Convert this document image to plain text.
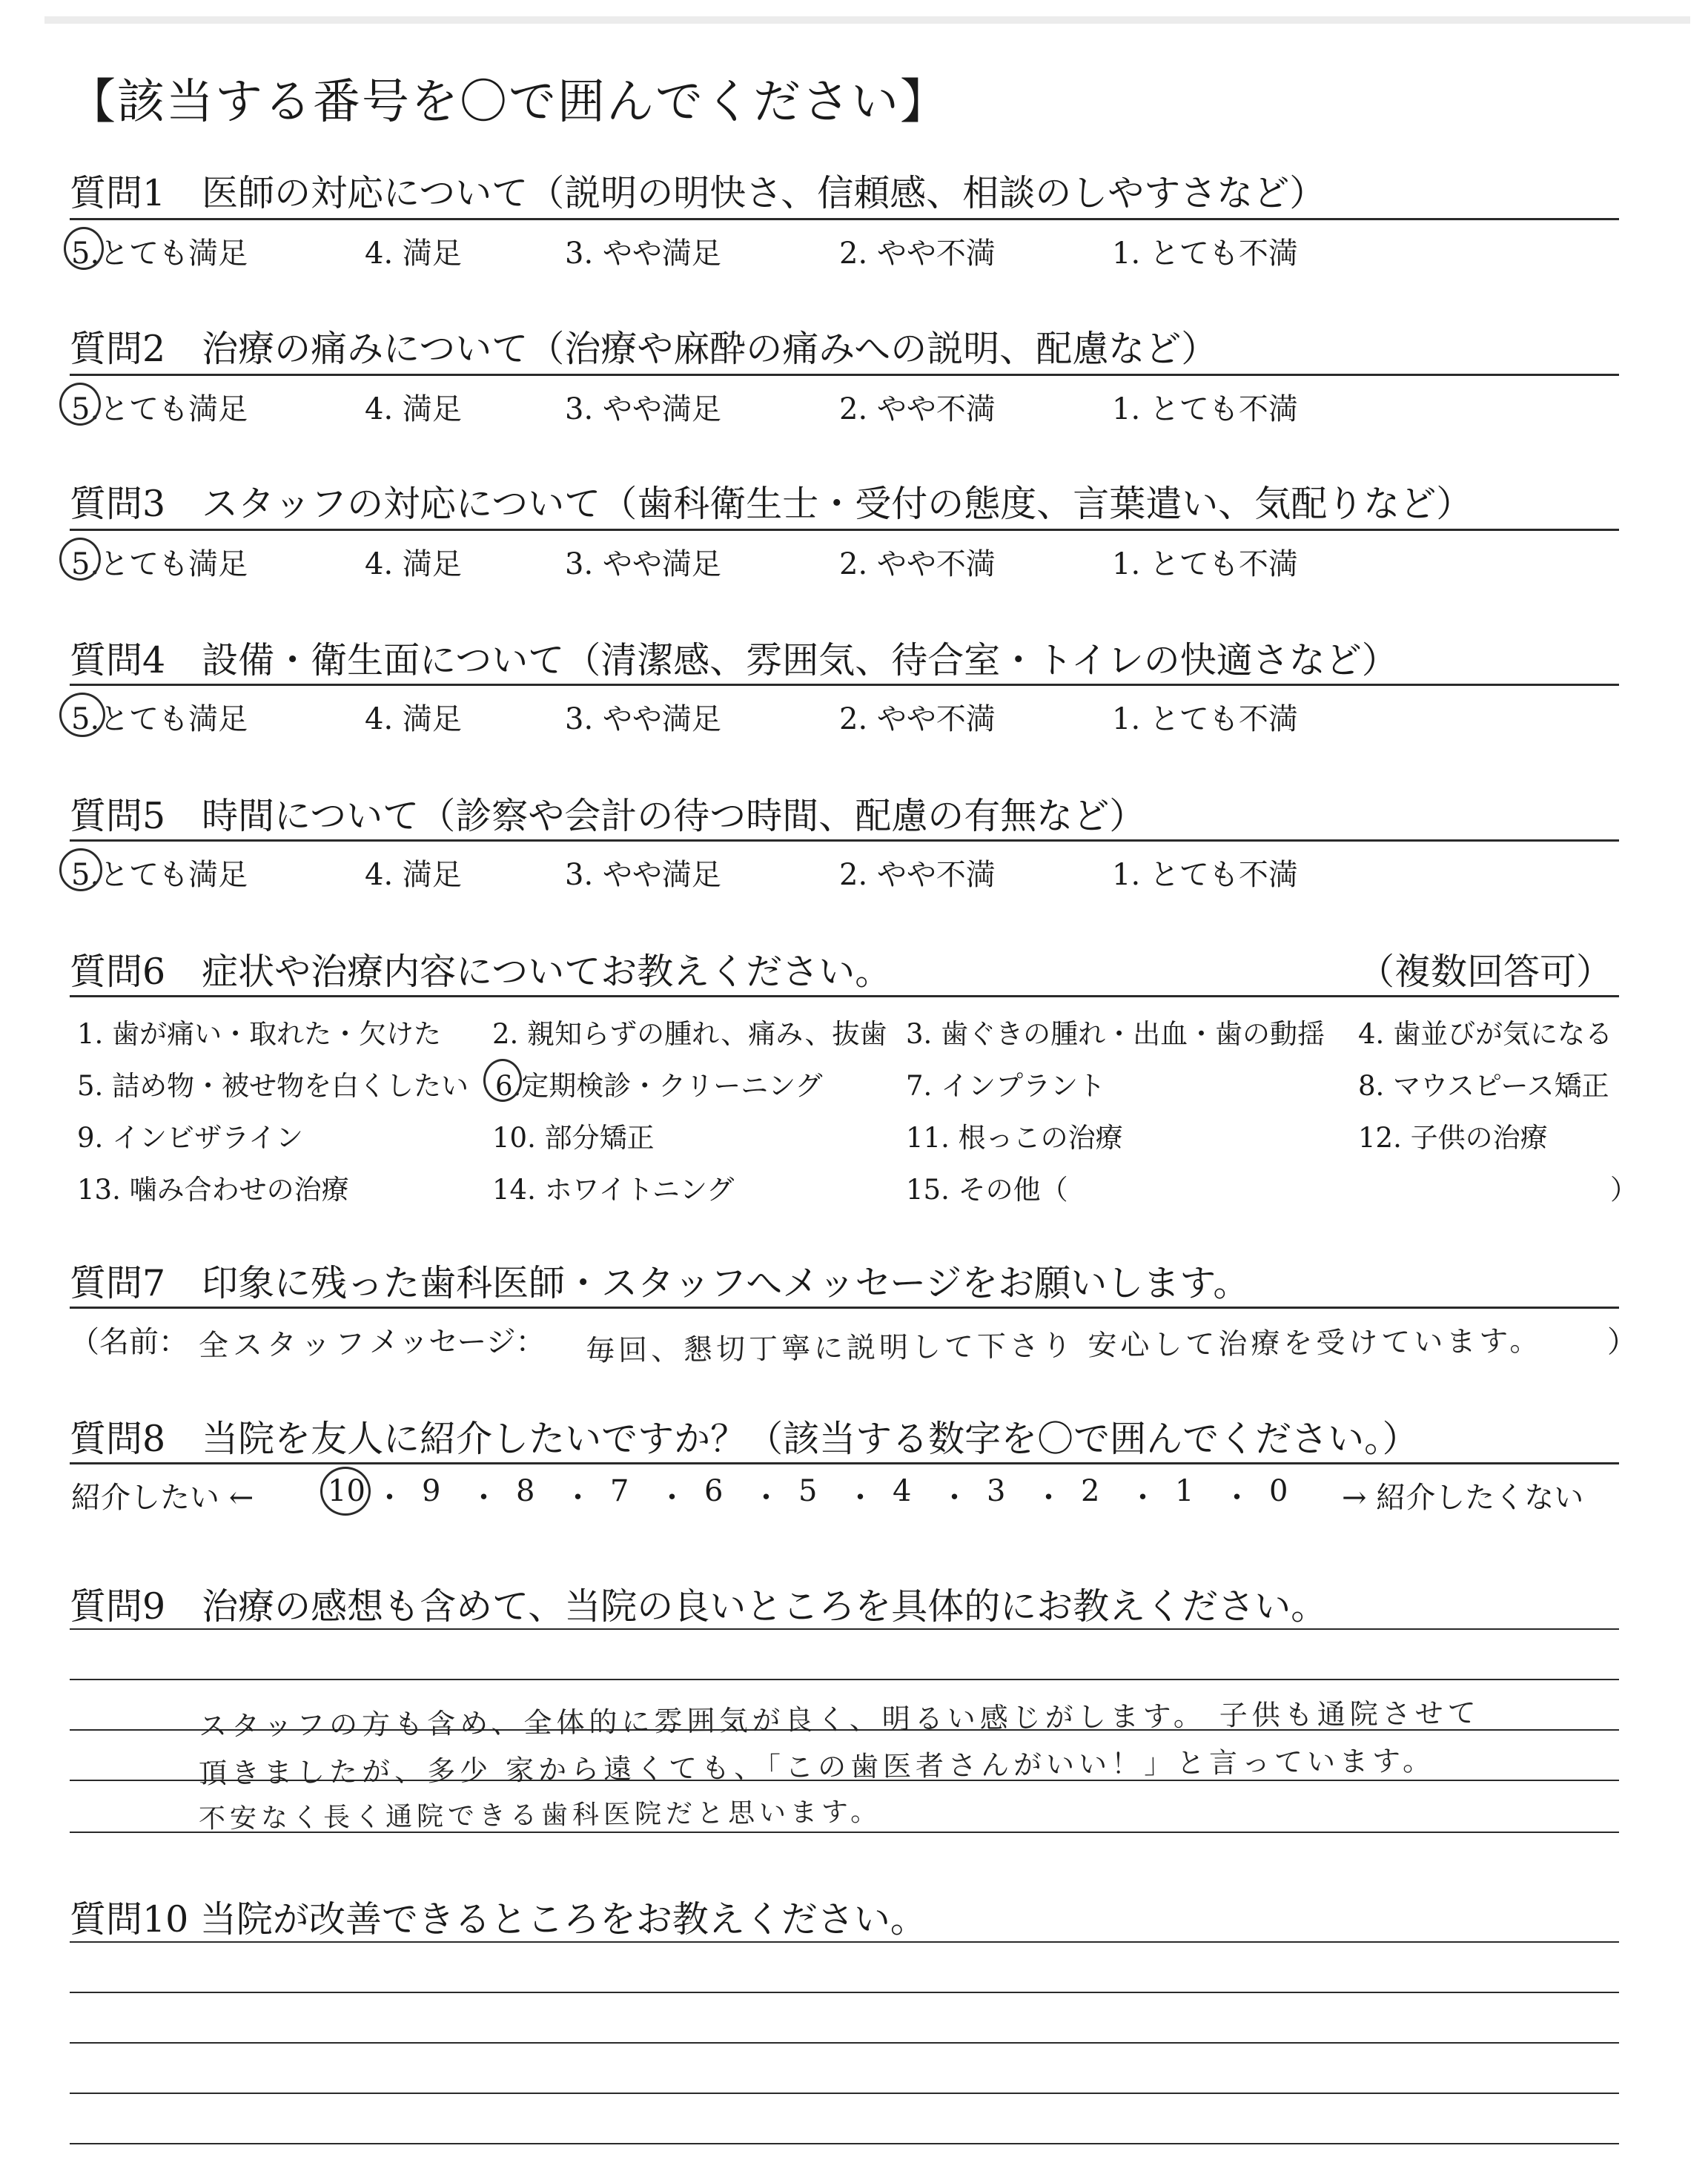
【該当する番号を〇で囲んでください】
質問1　医師の対応について（説明の明快さ、信頼感、相談のしやすさなど）
5.とても満足	4. 満足	3. やや満足	2. やや不満	1. とても不満
質問2　治療の痛みについて（治療や麻酔の痛みへの説明、配慮など）
5.とても満足	4. 満足	3. やや満足	2. やや不満	1. とても不満
質問3　スタッフの対応について（歯科衛生士・受付の態度、言葉遣い、気配りなど）
5.とても満足	4. 満足	3. やや満足	2. やや不満	1. とても不満
質問4　設備・衛生面について（清潔感、雰囲気、待合室・トイレの快適さなど）
5.とても満足	4. 満足	3. やや満足	2. やや不満	1. とても不満
質問5　時間について（診察や会計の待つ時間、配慮の有無など）
5.とても満足	4. 満足	3. やや満足	2. やや不満	1. とても不満
質問6　症状や治療内容についてお教えください。	（複数回答可）
1. 歯が痛い・取れた・欠けた 2. 親知らずの腫れ、痛み、抜歯 3. 歯ぐきの腫れ・出血・歯の動揺 4. 歯並びが気になる
5. 詰め物・被せ物を白くしたい 6.定期検診・クリーニング	7. インプラント	8. マウスピース矯正
9. インビザライン	10. 部分矯正	11. 根っこの治療	12. 子供の治療
13. 噛み合わせの治療	14. ホワイトニング	15. その他（	）
質問7　印象に残った歯科医師・スタッフへメッセージをお願いします。
（名前： 全スタッフ メッセージ： 毎回、懇切丁寧に説明して下さり 安心して治療を受けています。 ）
質問8　当院を友人に紹介したいですか？（該当する数字を〇で囲んでください。）
紹介したい ← 10 ・ 9 ・ 8 ・ 7 ・ 6 ・ 5 ・ 4 ・ 3 ・ 2 ・ 1 ・ 0 → 紹介したくない
質問9　治療の感想も含めて、当院の良いところを具体的にお教えください。
スタッフの方も含め、全体的に雰囲気が良く、明るい感じがします。 子供も通院させて
頂きましたが、多少 家から遠くても、「この歯医者さんがいい！」と言っています。
不安なく長く通院できる歯科医院だと思います。
質問10 当院が改善できるところをお教えください。
